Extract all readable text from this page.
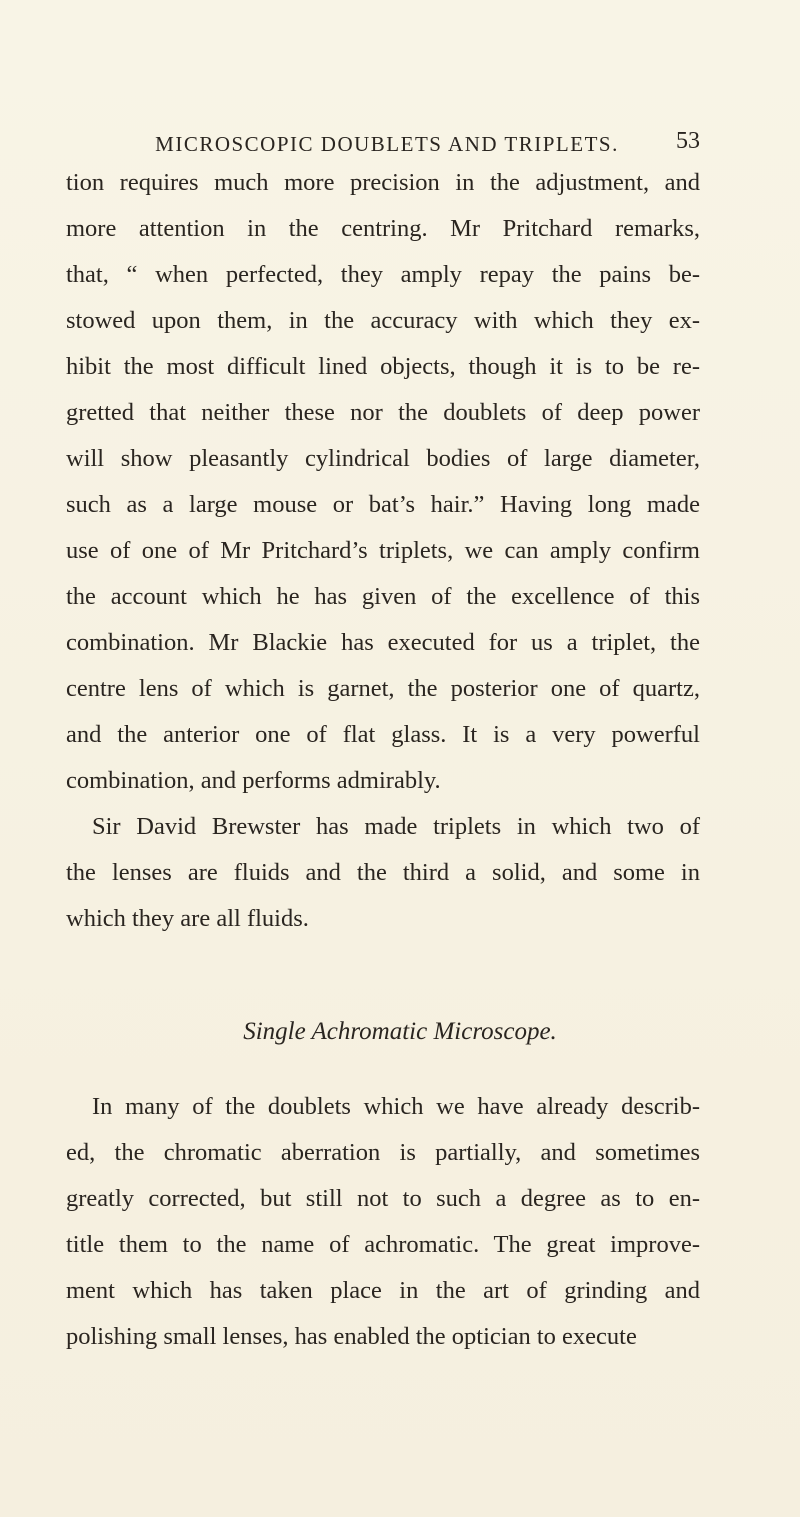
MICROSCOPIC DOUBLETS AND TRIPLETS.	53
tion requires much more precision in the adjustment, and
more attention in the centring. Mr Pritchard remarks,
that, “ when perfected, they amply repay the pains be-
stowed upon them, in the accuracy with which they ex-
hibit the most difficult lined objects, though it is to be re-
gretted that neither these nor the doublets of deep power
will show pleasantly cylindrical bodies of large diameter,
such as a large mouse or bat’s hair.” Having long made
use of one of Mr Pritchard’s triplets, we can amply confirm
the account which he has given of the excellence of this
combination. Mr Blackie has executed for us a triplet, the
centre lens of which is garnet, the posterior one of quartz,
and the anterior one of flat glass. It is a very powerful
combination, and performs admirably.
Sir David Brewster has made triplets in which two of
the lenses are fluids and the third a solid, and some in
which they are all fluids.
Single Achromatic Microscope.
In many of the doublets which we have already describ-
ed, the chromatic aberration is partially, and sometimes
greatly corrected, but still not to such a degree as to en-
title them to the name of achromatic. The great improve-
ment which has taken place in the art of grinding and
polishing small lenses, has enabled the optician to execute
